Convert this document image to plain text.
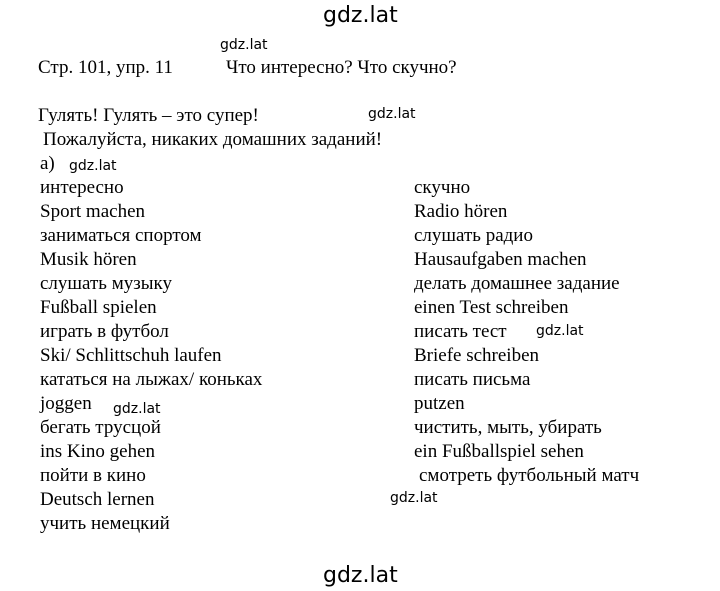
gdz.lat
gdz.lat
gdz.lat
gdz.lat
gdz.lat
gdz.lat
gdz.lat
gdz.lat
Стр. 101, упр. 11	Что интересно? Что скучно?
Гулять! Гулять – это супер!
Пожалуйста, никаких домашних заданий!
a)
интересно	скучно
Sport machen	Radio hören
заниматься спортом	слушать радио
Musik hören	Hausaufgaben machen
слушать музыку	делать домашнее задание
Fußball spielen	einen Test schreiben
играть в футбол	писать тест
Ski/ Schlittschuh laufen	Briefe schreiben
кататься на лыжах/ коньках	писать письма
joggen	putzen
бегать трусцой	чистить, мыть, убирать
ins Kino gehen	ein Fußballspiel sehen
пойти в кино	смотреть футбольный матч
Deutsch lernen
учить немецкий
